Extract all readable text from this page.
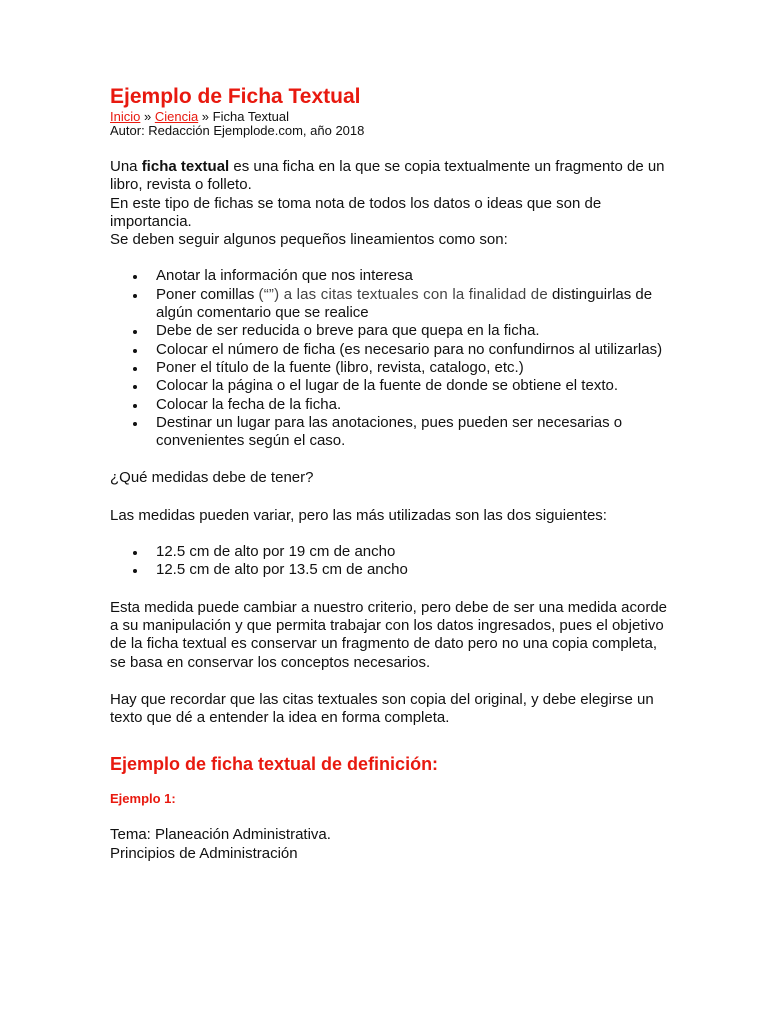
Ejemplo de Ficha Textual
Inicio » Ciencia » Ficha Textual
Autor: Redacción Ejemplode.com, año 2018

Una ficha textual es una ficha en la que se copia textualmente un fragmento de un libro, revista o folleto.

En este tipo de fichas se toma nota de todos los datos o ideas que son de importancia.

Se deben seguir algunos pequeños lineamientos como son:

Anotar la información que nos interesa
Poner comillas (“”) a las citas textuales con la finalidad de distinguirlas de algún comentario que se realice
Debe de ser reducida o breve para que quepa en la ficha.
Colocar el número de ficha (es necesario para no confundirnos al utilizarlas)
Poner el título de la fuente (libro, revista, catalogo, etc.)
Colocar la página o el lugar de la fuente de donde se obtiene el texto.
Colocar la fecha de la ficha.
Destinar un lugar para las anotaciones, pues pueden ser necesarias o convenientes según el caso.

¿Qué medidas debe de tener?

Las medidas pueden variar, pero las más utilizadas son las dos siguientes:

12.5 cm de alto por 19 cm de ancho
12.5 cm de alto por 13.5 cm de ancho

Esta medida puede cambiar a nuestro criterio, pero debe de ser una medida acorde a su manipulación y que permita trabajar con los datos ingresados, pues el objetivo de la ficha textual es conservar un fragmento de dato pero no una copia completa, se basa en conservar los conceptos necesarios.

Hay que recordar que las citas textuales son copia del original, y debe elegirse un texto que dé a entender la idea en forma completa.

Ejemplo de ficha textual de definición:
Ejemplo 1:

Tema: Planeación Administrativa.

Principios de Administración
